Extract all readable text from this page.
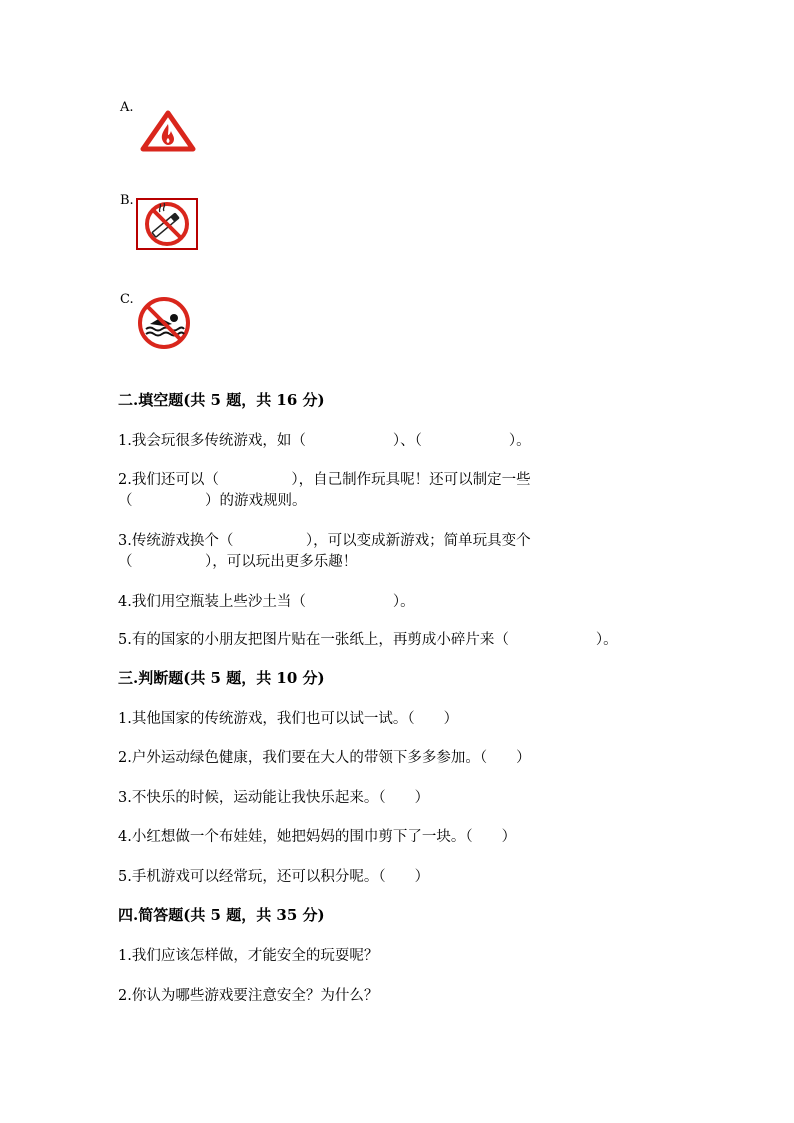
A.
B.
C.
二.填空题(共 5 题，共 16 分)
1.我会玩很多传统游戏，如（　　　　　　）、（　　　　　　）。
2.我们还可以（　　　　　），自己制作玩具呢！还可以制定一些
（　　　　　）的游戏规则。
3.传统游戏换个（　　　　　），可以变成新游戏；简单玩具变个
（　　　　　），可以玩出更多乐趣！
4.我们用空瓶装上些沙土当（　　　　　　）。
5.有的国家的小朋友把图片贴在一张纸上，再剪成小碎片来（　　　　　　）。
三.判断题(共 5 题，共 10 分)
1.其他国家的传统游戏，我们也可以试一试。（　　）
2.户外运动绿色健康，我们要在大人的带领下多多参加。（　　）
3.不快乐的时候，运动能让我快乐起来。（　　）
4.小红想做一个布娃娃，她把妈妈的围巾剪下了一块。（　　）
5.手机游戏可以经常玩，还可以积分呢。（　　）
四.简答题(共 5 题，共 35 分)
1.我们应该怎样做，才能安全的玩耍呢？
2.你认为哪些游戏要注意安全？为什么？
